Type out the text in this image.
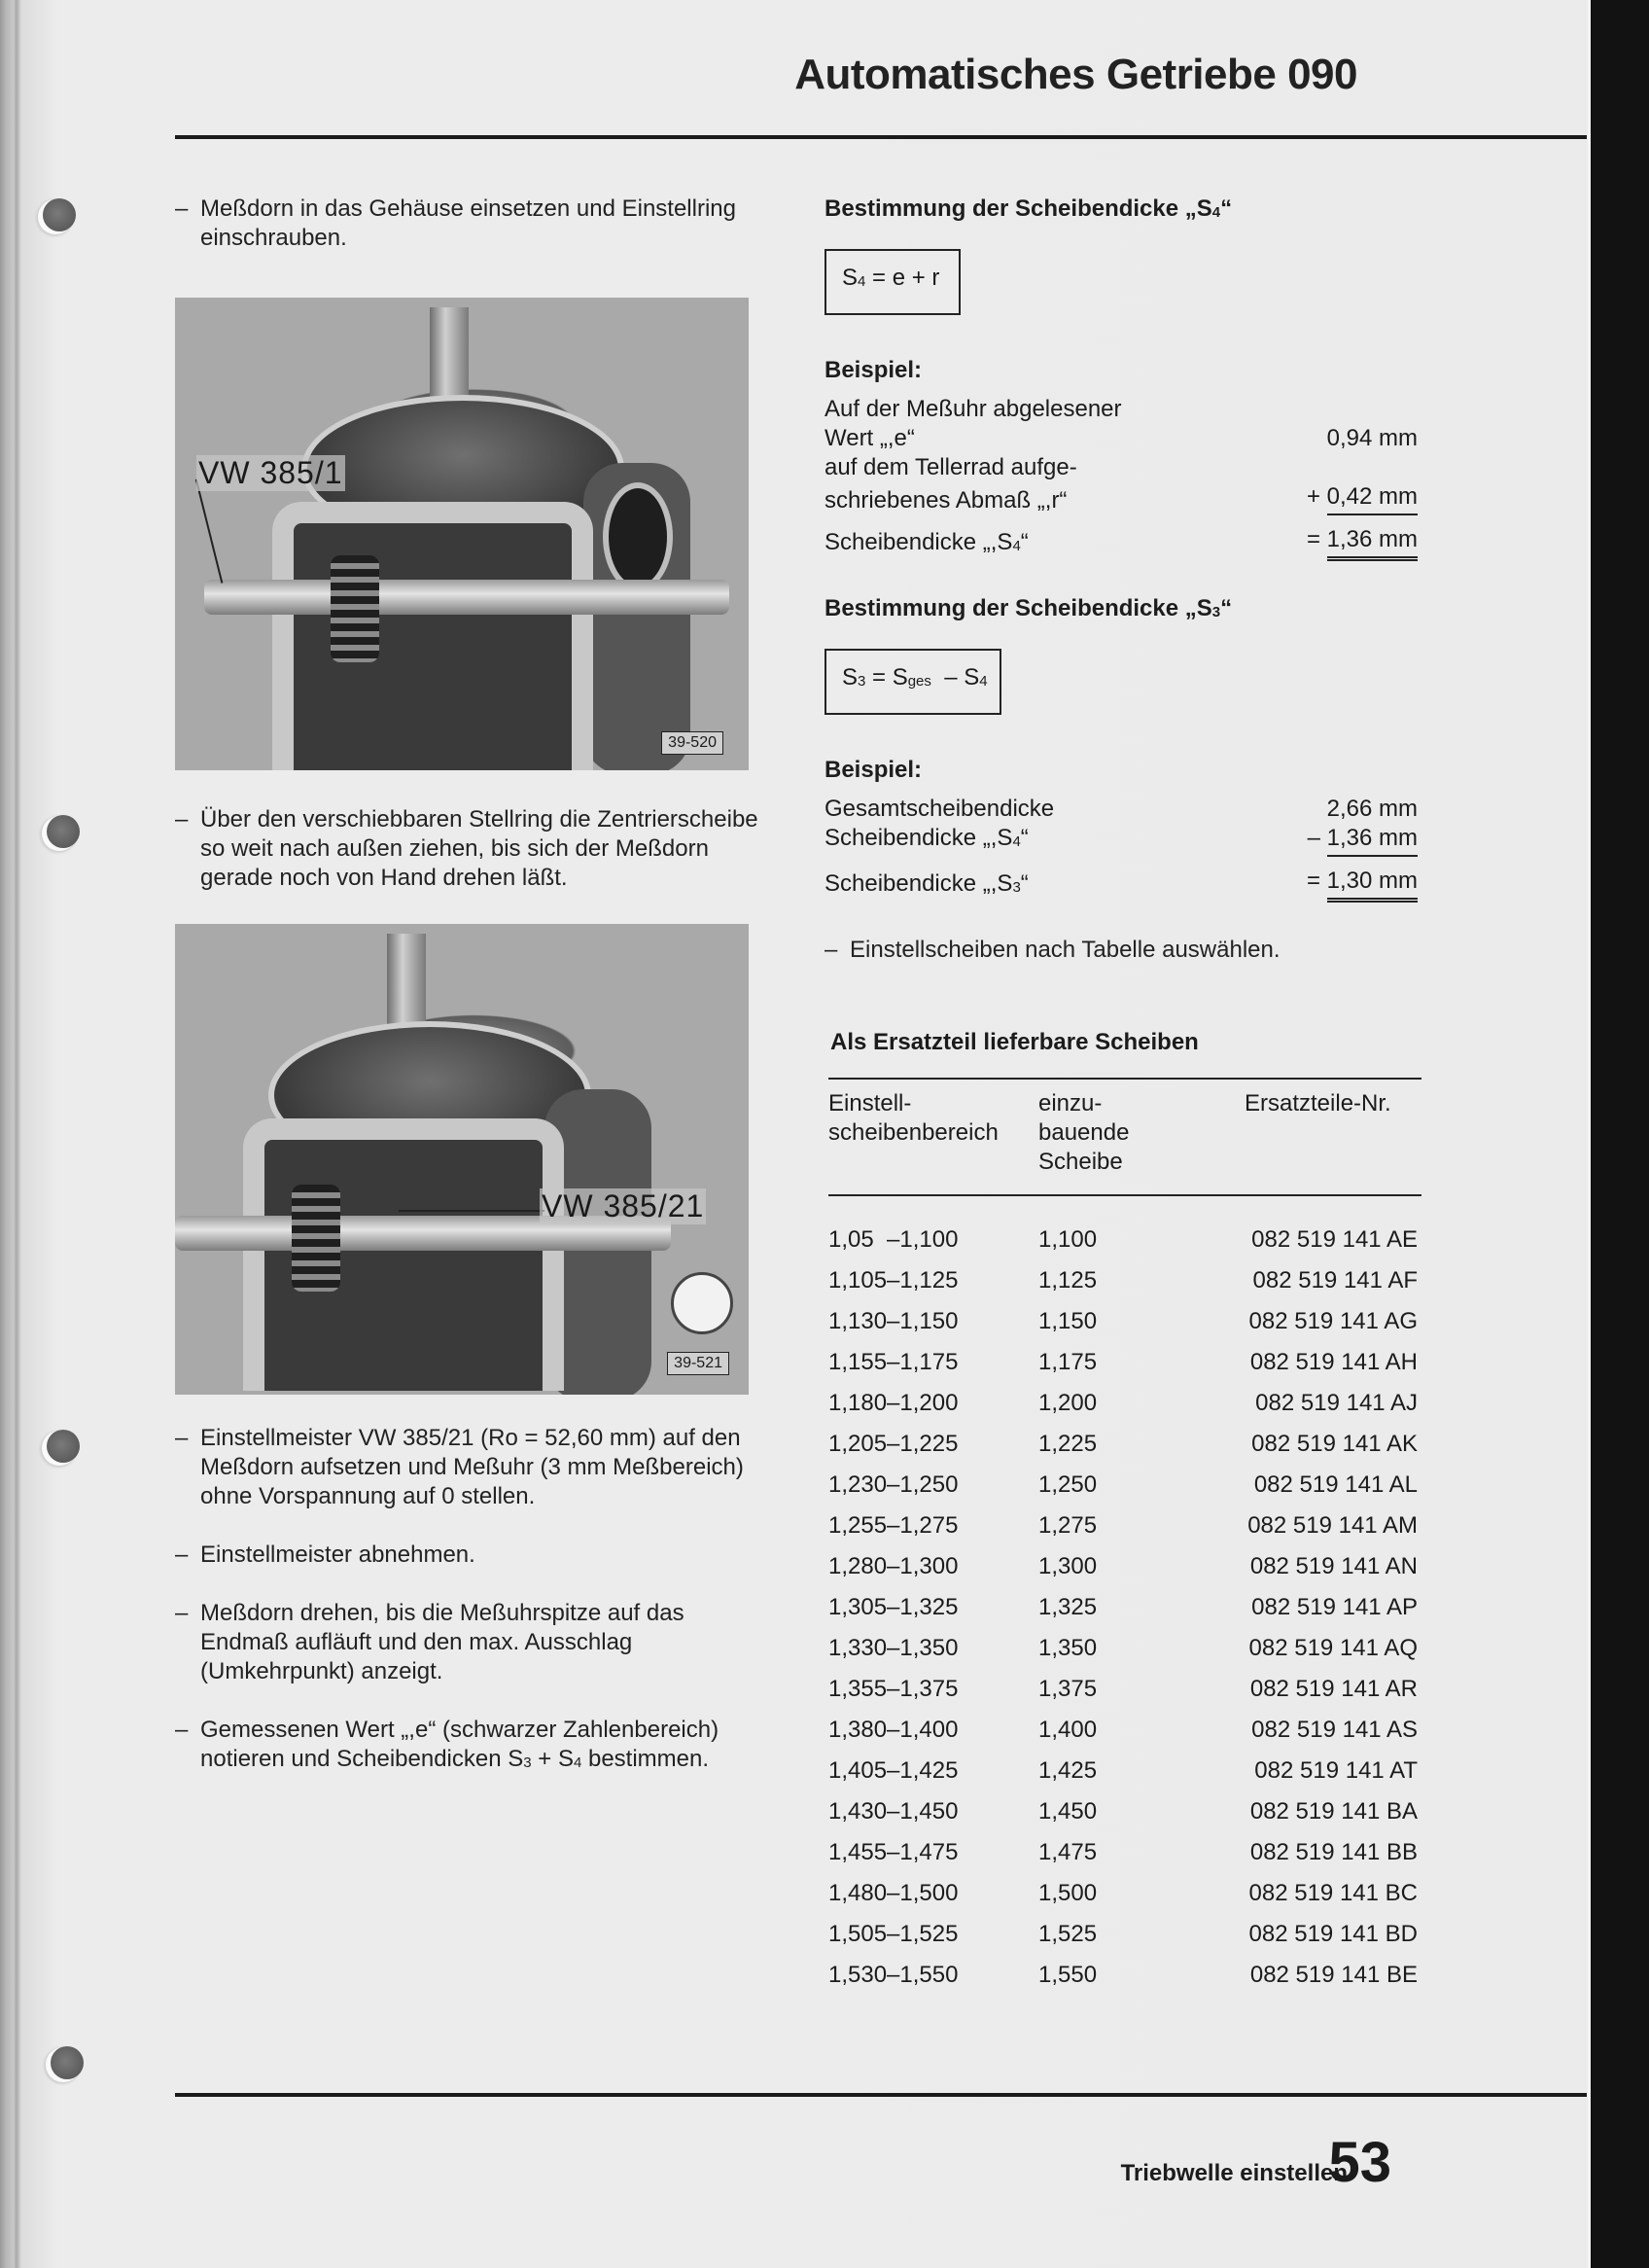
Automatisches Getriebe 090
– Meßdorn in das Gehäuse einsetzen und Einstellring einschrauben.
VW 385/1
39-520
– Über den verschiebbaren Stellring die Zentrierscheibe so weit nach außen ziehen, bis sich der Meßdorn gerade noch von Hand drehen läßt.
VW 385/21
39-521
– Einstellmeister VW 385/21 (Ro = 52,60 mm) auf den Meßdorn aufsetzen und Meßuhr (3 mm Meßbereich) ohne Vorspannung auf 0 stellen.
– Einstellmeister abnehmen.
– Meßdorn drehen, bis die Meßuhrspitze auf das Endmaß aufläuft und den max. Ausschlag (Umkehrpunkt) anzeigt.
– Gemessenen Wert „,e“ (schwarzer Zahlenbereich) notieren und Scheibendicken S3 + S4 bestimmen.
Bestimmung der Scheibendicke „S4“
S4 = e + r
Beispiel:
Auf der Meßuhr abgelesener
Wert „,e“	0,94 mm
auf dem Tellerrad aufge-
schriebenes Abmaß „,r“	+ 0,42 mm
Scheibendicke „,S4“	= 1,36 mm
Bestimmung der Scheibendicke „S3“
S3 = Sges  – S4
Beispiel:
Gesamtscheibendicke	2,66 mm
Scheibendicke „,S4“	– 1,36 mm
Scheibendicke „,S3“	= 1,30 mm
– Einstellscheiben nach Tabelle auswählen.
Als Ersatzteil lieferbare Scheiben
Einstell-
scheibenbereich	einzu-
bauende
Scheibe	Ersatzteile-Nr.
1,05  –1,100	1,100	082 519 141 AE
1,105–1,125	1,125	082 519 141 AF
1,130–1,150	1,150	082 519 141 AG
1,155–1,175	1,175	082 519 141 AH
1,180–1,200	1,200	082 519 141 AJ
1,205–1,225	1,225	082 519 141 AK
1,230–1,250	1,250	082 519 141 AL
1,255–1,275	1,275	082 519 141 AM
1,280–1,300	1,300	082 519 141 AN
1,305–1,325	1,325	082 519 141 AP
1,330–1,350	1,350	082 519 141 AQ
1,355–1,375	1,375	082 519 141 AR
1,380–1,400	1,400	082 519 141 AS
1,405–1,425	1,425	082 519 141 AT
1,430–1,450	1,450	082 519 141 BA
1,455–1,475	1,475	082 519 141 BB
1,480–1,500	1,500	082 519 141 BC
1,505–1,525	1,525	082 519 141 BD
1,530–1,550	1,550	082 519 141 BE
Triebwelle einstellen
53
